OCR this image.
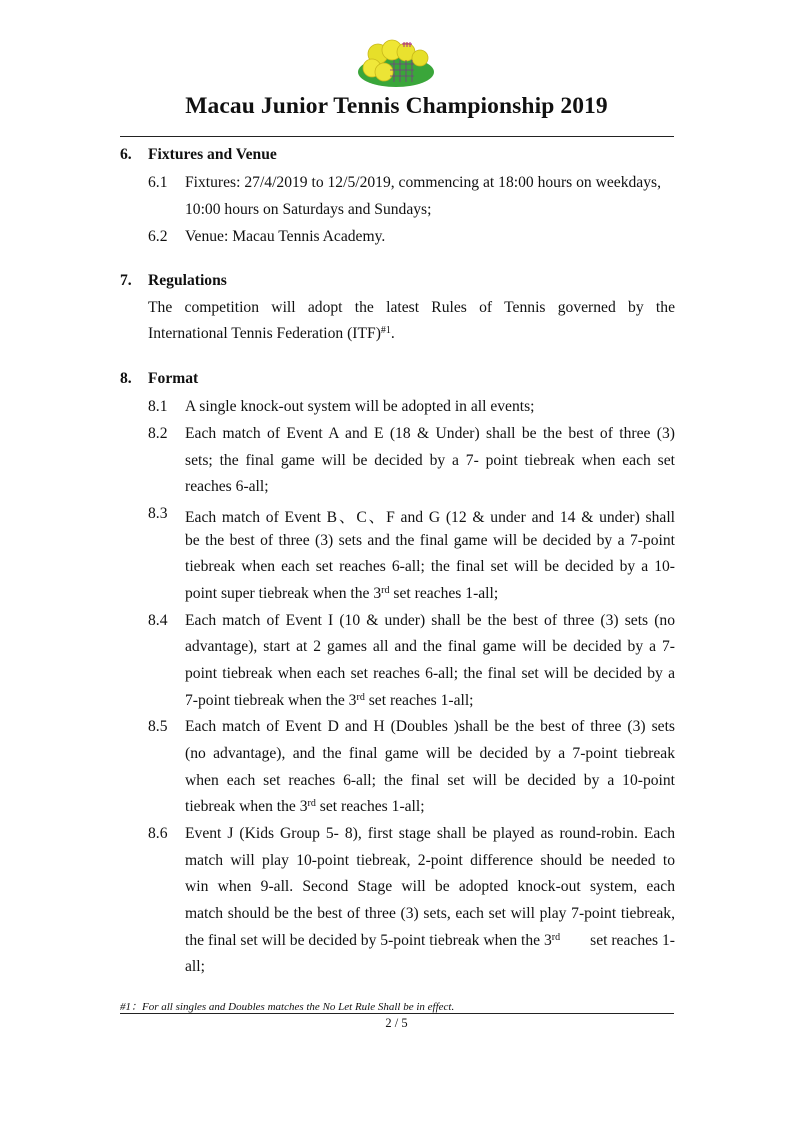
Macau Junior Tennis Championship 2019
6. Fixtures and Venue
6.1 Fixtures: 27/4/2019 to 12/5/2019, commencing at 18:00 hours on weekdays,
10:00 hours on Saturdays and Sundays;
6.2 Venue: Macau Tennis Academy.
7. Regulations
The competition will adopt the latest Rules of Tennis governed by the
International Tennis Federation (ITF)$^{\#1}$.
8. Format
8.1 A single knock-out system will be adopted in all events;
8.2 Each match of Event A and E (18 & Under) shall be the best of three (3)
sets; the final game will be decided by a 7- point tiebreak when each set
reaches 6-all;
8.3 Each match of Event B、C、F and G (12 & under and 14 & under) shall
be the best of three (3) sets and the final game will be decided by a 7-point
tiebreak when each set reaches 6-all; the final set will be decided by a 10-
point super tiebreak when the 3rd set reaches 1-all;
8.4 Each match of Event I (10 & under) shall be the best of three (3) sets (no
advantage), start at 2 games all and the final game will be decided by a 7-
point tiebreak when each set reaches 6-all; the final set will be decided by a
7-point tiebreak when the 3rd set reaches 1-all;
8.5 Each match of Event D and H (Doubles )shall be the best of three (3) sets
(no advantage), and the final game will be decided by a 7-point tiebreak
when each set reaches 6-all; the final set will be decided by a 10-point
tiebreak when the 3rd set reaches 1-all;
8.6 Event J (Kids Group 5- 8), first stage shall be played as round-robin. Each
match will play 10-point tiebreak, 2-point difference should be needed to
win when 9-all. Second Stage will be adopted knock-out system, each
match should be the best of three (3) sets, each set will play 7-point tiebreak,
the final set will be decided by 5-point tiebreak when the 3rd set reaches 1-
all;
#1：For all singles and Doubles matches the No Let Rule Shall be in effect.
2 / 5
